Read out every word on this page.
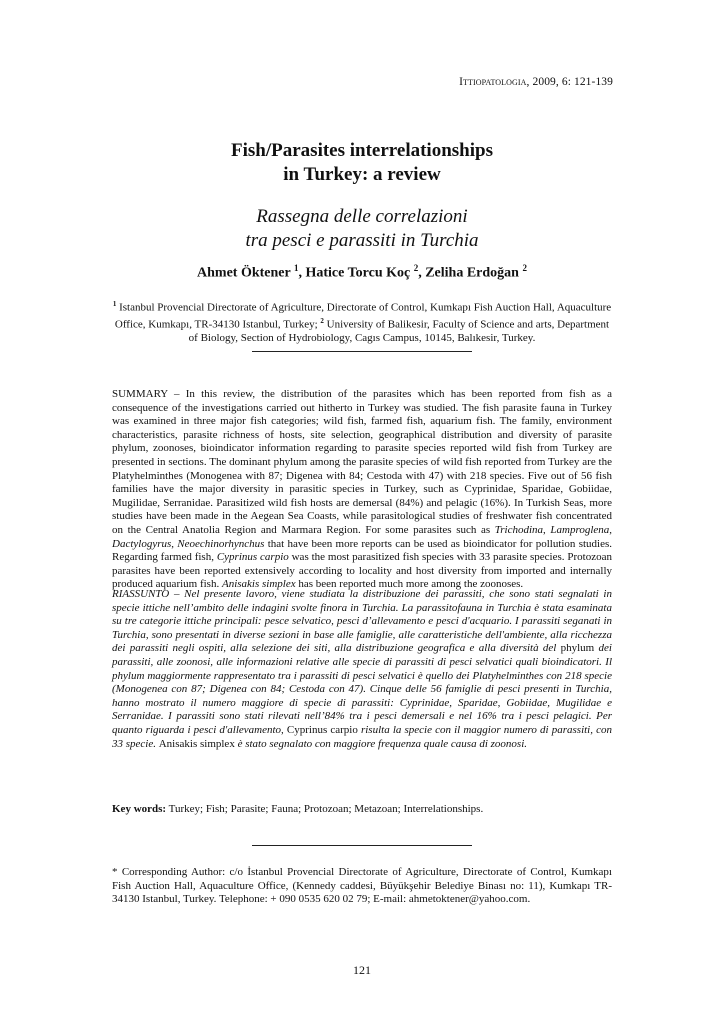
Ittiopatologia, 2009, 6: 121-139
Fish/Parasites interrelationships
in Turkey: a review
Rassegna delle correlazioni
tra pesci e parassiti in Turchia
Ahmet Öktener $^1$, Hatice Torcu Koç $^2$, Zeliha Erdoğan $^2$
$^1$ Istanbul Provencial Directorate of Agriculture, Directorate of Control, Kumkapı Fish Auction Hall, Aquaculture Office, Kumkapı, TR-34130 Istanbul, Turkey; $^2$ University of Balikesir, Faculty of Science and arts, Department of Biology, Section of Hydrobiology, Cagıs Campus, 10145, Balıkesir, Turkey.
SUMMARY – In this review, the distribution of the parasites which has been reported from fish as a consequence of the investigations carried out hitherto in Turkey was studied. The fish parasite fauna in Turkey was examined in three major fish categories; wild fish, farmed fish, aquarium fish. The family, environment characteristics, parasite richness of hosts, site selection, geographical distribution and diversity of parasite phylum, zoonoses, bioindicator information regarding to parasite species reported wild fish from Turkey are presented in sections. The dominant phylum among the parasite species of wild fish reported from Turkey are the Platyhelminthes (Monogenea with 87; Digenea with 84; Cestoda with 47) with 218 species. Five out of 56 fish families have the major diversity in parasitic species in Turkey, such as Cyprinidae, Sparidae, Gobiidae, Mugilidae, Serranidae. Parasitized wild fish hosts are demersal (84%) and pelagic (16%). In Turkish Seas, more studies have been made in the Aegean Sea Coasts, while parasitological studies of freshwater fish concentrated on the Central Anatolia Region and Marmara Region. For some parasites such as Trichodina, Lamproglena, Dactylogyrus, Neoechinorhynchus that have been more reports can be used as bioindicator for pollution studies. Regarding farmed fish, Cyprinus carpio was the most parasitized fish species with 33 parasite species. Protozoan parasites have been reported extensively according to locality and host diversity from imported and internally produced aquarium fish. Anisakis simplex has been reported much more among the zoonoses.
RIASSUNTO – Nel presente lavoro, viene studiata la distribuzione dei parassiti, che sono stati segnalati in specie ittiche nell’ambito delle indagini svolte finora in Turchia. La parassitofauna in Turchia è stata esaminata su tre categorie ittiche principali: pesce selvatico, pesci d’allevamento e pesci d'acquario. I parassiti seganati in Turchia, sono presentati in diverse sezioni in base alle famiglie, alle caratteristiche dell'ambiente, alla ricchezza dei parassiti negli ospiti, alla selezione dei siti, alla distribuzione geografica e alla diversità del phylum dei parassiti, alle zoonosi, alle informazioni relative alle specie di parassiti di pesci selvatici quali bioindicatori. Il phylum maggiormente rappresentato tra i parassiti di pesci selvatici è quello dei Platyhelminthes con 218 specie (Monogenea con 87; Digenea con 84; Cestoda con 47). Cinque delle 56 famiglie di pesci presenti in Turchia, hanno mostrato il numero maggiore di specie di parassiti: Cyprinidae, Sparidae, Gobiidae, Mugilidae e Serranidae. I parassiti sono stati rilevati nell’84% tra i pesci demersali e nel 16% tra i pesci pelagici. Per quanto riguarda i pesci d'allevamento, Cyprinus carpio risulta la specie con il maggior numero di parassiti, con 33 specie. Anisakis simplex è stato segnalato con maggiore frequenza quale causa di zoonosi.
Key words: Turkey; Fish; Parasite; Fauna; Protozoan; Metazoan; Interrelationships.
* Corresponding Author: c/o İstanbul Provencial Directorate of Agriculture, Directorate of Control, Kumkapı Fish Auction Hall, Aquaculture Office, (Kennedy caddesi, Büyükşehir Belediye Binası no: 11), Kumkapı TR-34130 Istanbul, Turkey. Telephone: + 090 0535 620 02 79; E-mail: ahmetoktener@yahoo.com.
121
